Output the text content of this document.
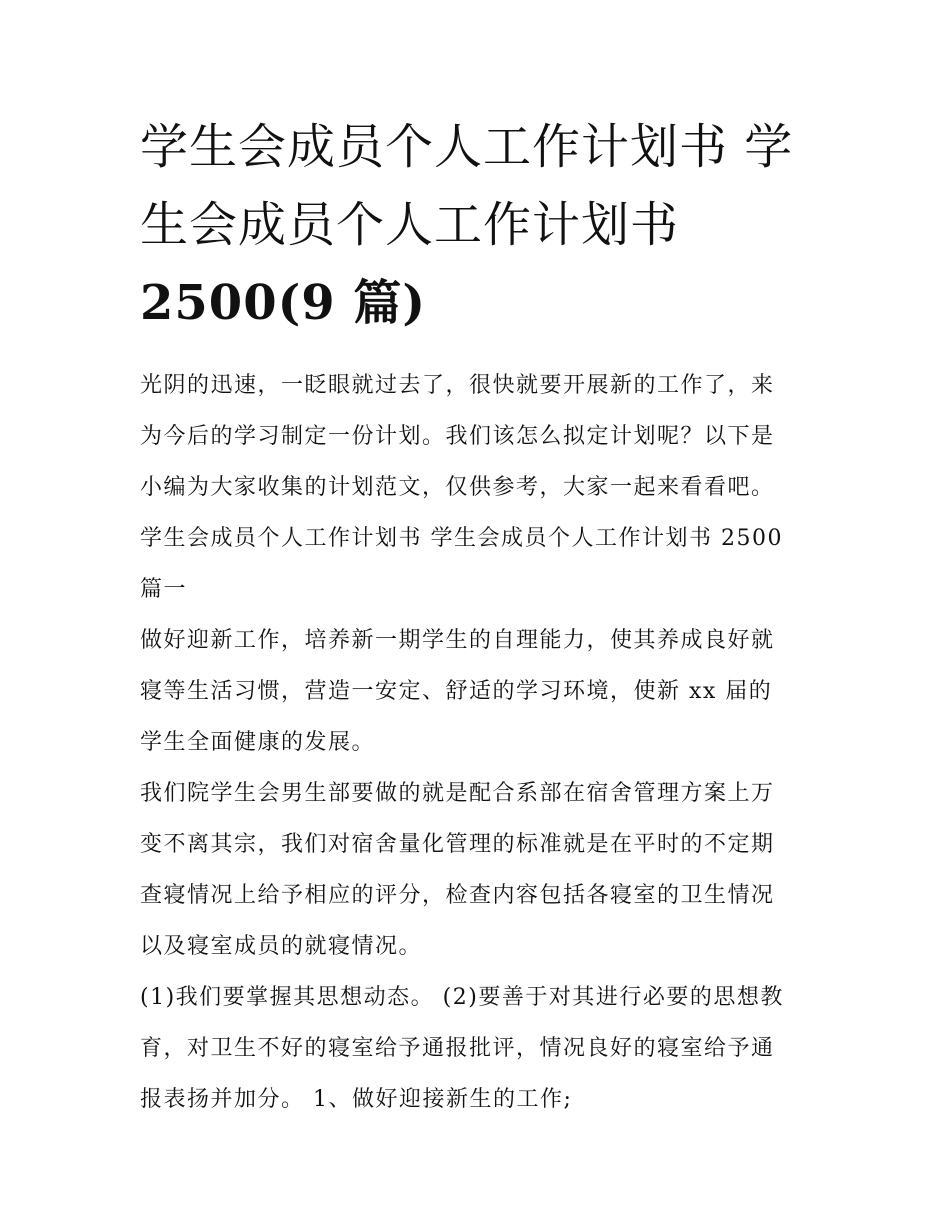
学生会成员个人工作计划书 学
生会成员个人工作计划书
2500(9 篇)
光阴的迅速，一眨眼就过去了，很快就要开展新的工作了，来
为今后的学习制定一份计划。我们该怎么拟定计划呢？以下是
小编为大家收集的计划范文，仅供参考，大家一起来看看吧。
学生会成员个人工作计划书 学生会成员个人工作计划书 2500
篇一
做好迎新工作，培养新一期学生的自理能力，使其养成良好就
寝等生活习惯，营造一安定、舒适的学习环境，使新 xx 届的
学生全面健康的发展。
我们院学生会男生部要做的就是配合系部在宿舍管理方案上万
变不离其宗，我们对宿舍量化管理的标准就是在平时的不定期
查寝情况上给予相应的评分，检查内容包括各寝室的卫生情况
以及寝室成员的就寝情况。
(1)我们要掌握其思想动态。 (2)要善于对其进行必要的思想教
育，对卫生不好的寝室给予通报批评，情况良好的寝室给予通
报表扬并加分。 1、做好迎接新生的工作;
